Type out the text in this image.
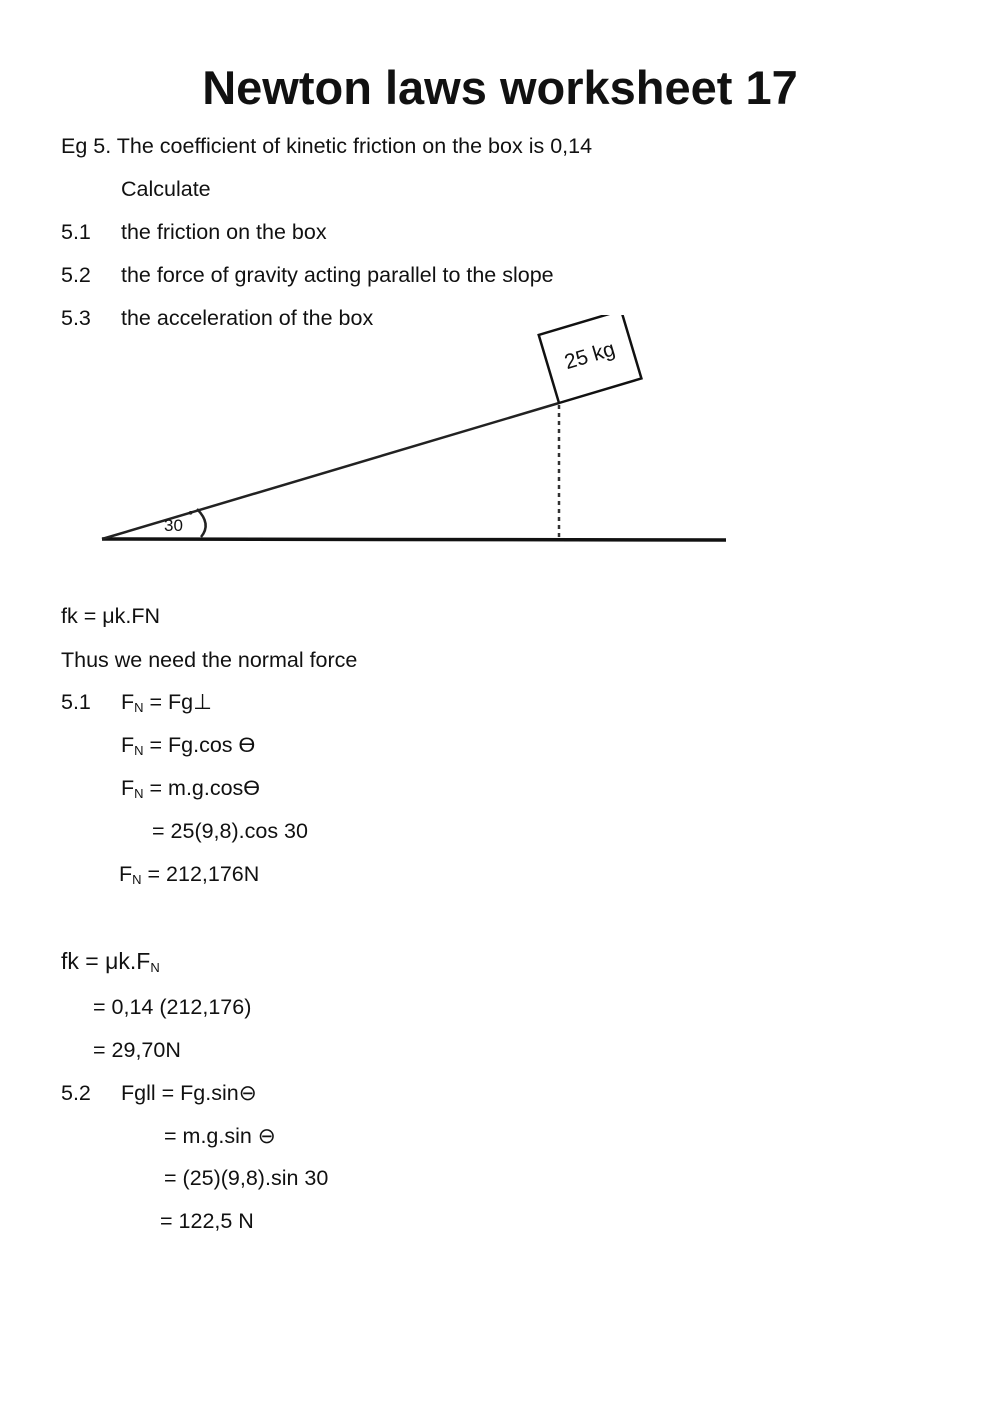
Newton laws worksheet 17
Eg 5. The coefficient of kinetic friction on the box is 0,14
Calculate
5.1 the friction on the box
5.2 the force of gravity acting parallel to the slope
5.3 the acceleration of the box
25 kg
30
°
fk = μk.FN
Thus we need the normal force
5.1 $F_N$ = Fg⊥
$F_N = Fg.\cos$ ϴ
$F_N = m.g.\cos ϴ$
= 25(9,8).cos 30
$F_N = 212,176N$
fk = $\mu k.F_N$
= 0,14 (212,176)
= 29,70N
5.2 Fgll = Fg.sin⊖
= m.g.sin ⊖
= (25)(9,8).sin 30
= 122,5 N
